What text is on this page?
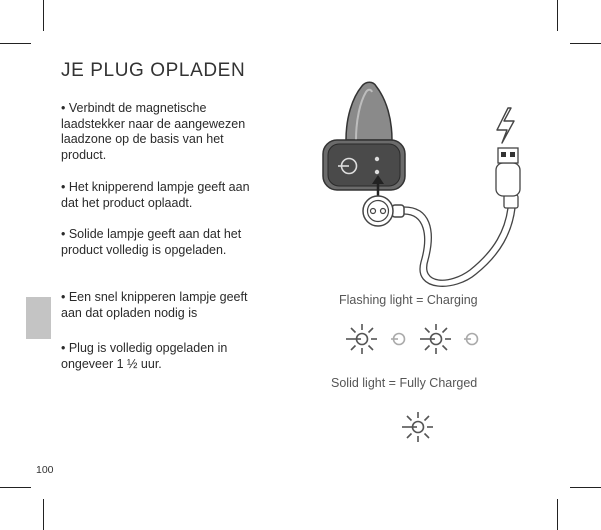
JE PLUG OPLADEN

• Verbindt de magnetische laadstekker naar de aangewezen laadzone op de basis van het product.

• Het knipperend lampje geeft aan dat het product oplaadt.

• Solide lampje geeft aan dat het product volledig is opgeladen.

• Een snel knipperen lampje geeft aan dat opladen nodig is

• Plug is volledig opgeladen in ongeveer 1 ½ uur.

100
Flashing light = Charging
Solid light = Fully Charged
